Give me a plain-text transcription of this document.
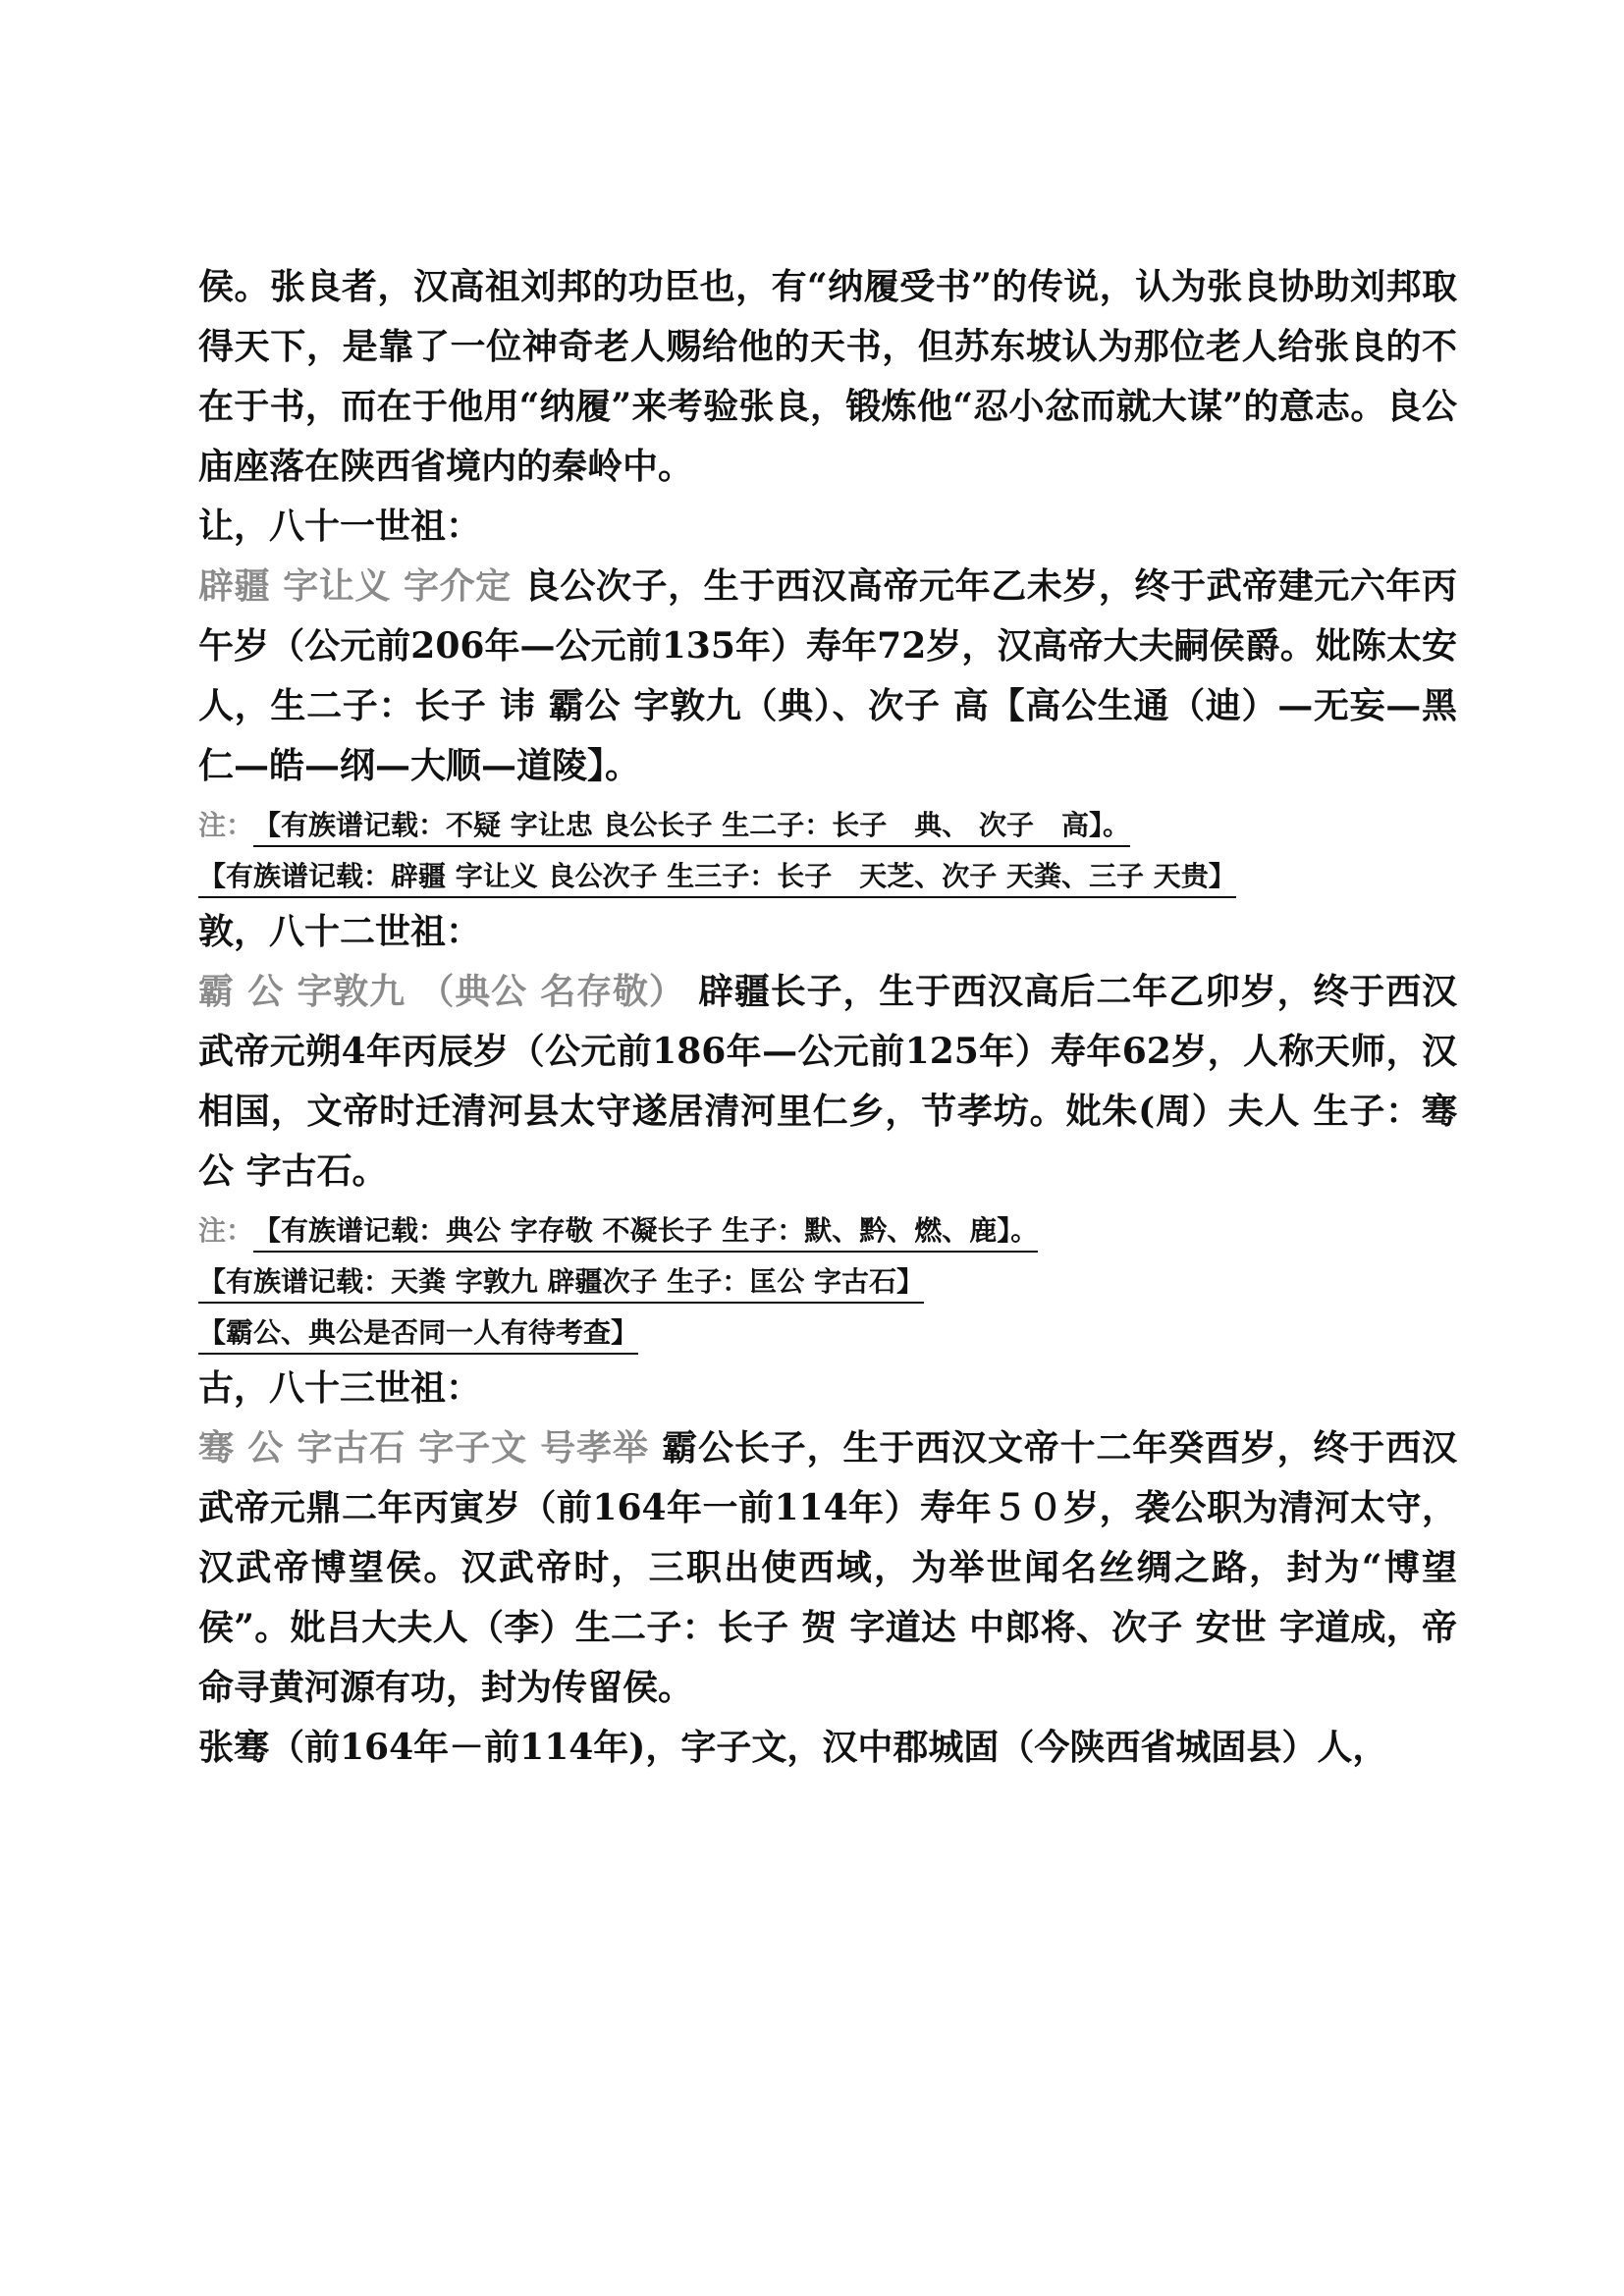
侯。张良者，汉高祖刘邦的功臣也，有“纳履受书”的传说，认为张良协助刘邦取得天下，是靠了一位神奇老人赐给他的天书，但苏东坡认为那位老人给张良的不在于书，而在于他用“纳履”来考验张良，锻炼他“忍小忿而就大谋”的意志。良公庙座落在陕西省境内的秦岭中。

让，八十一世祖：

辟疆 字让义 字介定 良公次子，生于西汉高帝元年乙未岁，终于武帝建元六年丙午岁（公元前206年—公元前135年）寿年72岁，汉高帝大夫嗣侯爵。妣陈太安人，生二子：长子 讳 霸公 字敦九（典）、次子 高【高公生通（迪）—无妄—黑仁—皓—纲—大顺—道陵】。

注：【有族谱记载：不疑 字让忠 良公长子 生二子：长子　典、 次子　高】。

【有族谱记载：辟疆 字让义 良公次子 生三子：长子　天芝、次子 天粪、三子 天贵】

敦，八十二世祖：

霸 公 字敦九 （典公 名存敬） 辟疆长子，生于西汉高后二年乙卯岁，终于西汉武帝元朔4年丙辰岁（公元前186年—公元前125年）寿年62岁，人称天师，汉相国，文帝时迁清河县太守遂居清河里仁乡，节孝坊。妣朱(周）夫人 生子：骞公 字古石。

注：【有族谱记载：典公 字存敬 不凝长子 生子：默、黔、燃、鹿】。

【有族谱记载：天粪 字敦九 辟疆次子 生子：匡公 字古石】

【霸公、典公是否同一人有待考查】

古，八十三世祖：

骞 公 字古石 字子文 号孝举 霸公长子，生于西汉文帝十二年癸酉岁，终于西汉武帝元鼎二年丙寅岁（前164年一前114年）寿年５０岁，袭公职为清河太守，汉武帝博望侯。汉武帝时，三职出使西域，为举世闻名丝绸之路，封为“博望侯”。妣吕大夫人（李）生二子：长子 贺 字道达 中郎将、次子 安世 字道成，帝命寻黄河源有功，封为传留侯。

张骞（前164年－前114年)，字子文，汉中郡城固（今陕西省城固县）人，
